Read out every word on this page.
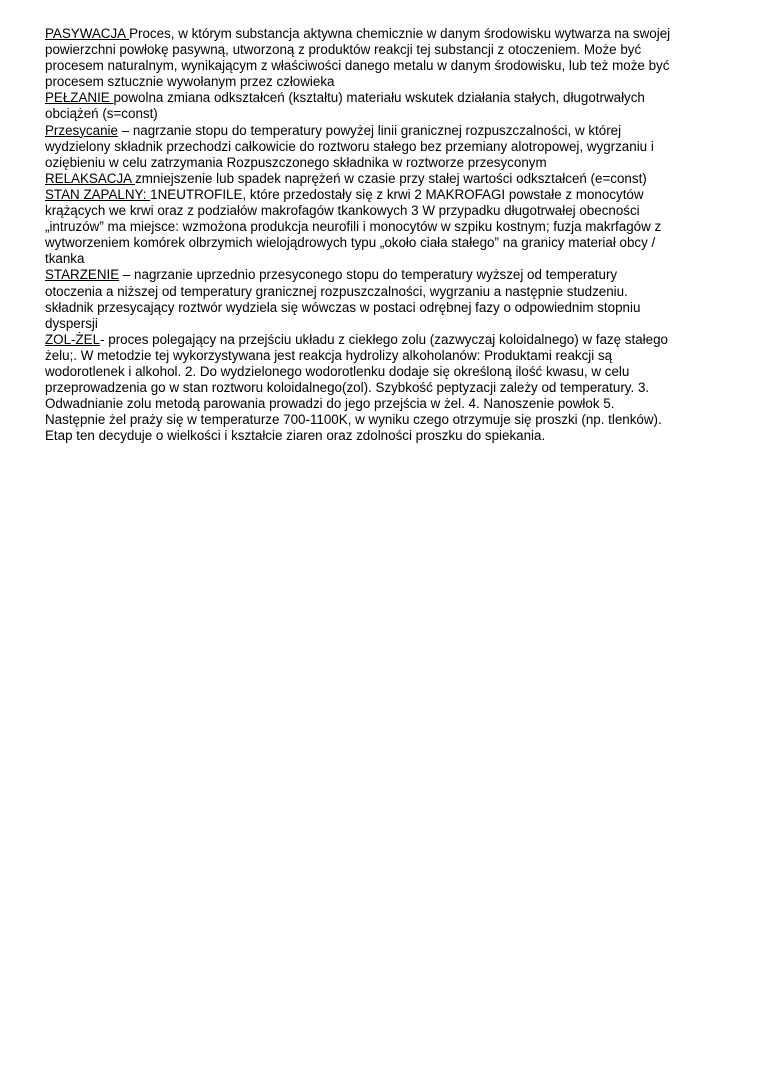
PASYWACJA Proces, w którym substancja aktywna chemicznie w danym środowisku wytwarza na swojej powierzchni powłokę pasywną, utworzoną z produktów reakcji tej substancji z otoczeniem. Może być procesem naturalnym, wynikającym z właściwości danego metalu w danym środowisku, lub też może być procesem sztucznie wywołanym przez człowieka

PEŁZANIE powolna zmiana odkształceń (kształtu) materiału wskutek działania stałych, długotrwałych obciążeń (s=const)

Przesycanie – nagrzanie stopu do temperatury powyżej linii granicznej rozpuszczalności, w której wydzielony składnik przechodzi całkowicie do roztworu stałego bez przemiany alotropowej, wygrzaniu i oziębieniu w celu zatrzymania Rozpuszczonego składnika w roztworze przesyconym

RELAKSACJA zmniejszenie lub spadek naprężeń w czasie przy stałej wartości odkształceń (e=const)

STAN ZAPALNY: 1NEUTROFILE, które przedostały się z krwi 2 MAKROFAGI powstałe z monocytów krążących we krwi oraz z podziałów makrofagów tkankowych 3 W przypadku długotrwałej obecności „intruzów” ma miejsce: wzmożona produkcja neurofili i monocytów w szpiku kostnym; fuzja makrfagów z wytworzeniem komórek olbrzymich wielojądrowych typu „około ciała stałego” na granicy materiał obcy / tkanka

STARZENIE – nagrzanie uprzednio przesyconego stopu do temperatury wyższej od temperatury otoczenia a niższej od temperatury granicznej rozpuszczalności, wygrzaniu a następnie studzeniu. składnik przesycający roztwór wydziela się wówczas w postaci odrębnej fazy o odpowiednim stopniu dyspersji

ZOL-ŻEL- proces polegający na przejściu układu z ciekłego zolu (zazwyczaj koloidalnego) w fazę stałego żelu;. W metodzie tej wykorzystywana jest reakcja hydrolizy alkoholanów: Produktami reakcji są wodorotlenek i alkohol. 2. Do wydzielonego wodorotlenku dodaje się określoną ilość kwasu, w celu przeprowadzenia go w stan roztworu koloidalnego(zol). Szybkość peptyzacji zależy od temperatury. 3. Odwadnianie zolu metodą parowania prowadzi do jego przejścia w żel. 4. Nanoszenie powłok 5. Następnie żel praży się w temperaturze 700-1100K, w wyniku czego otrzymuje się proszki (np. tlenków). Etap ten decyduje o wielkości i kształcie ziaren oraz zdolności proszku do spiekania.
